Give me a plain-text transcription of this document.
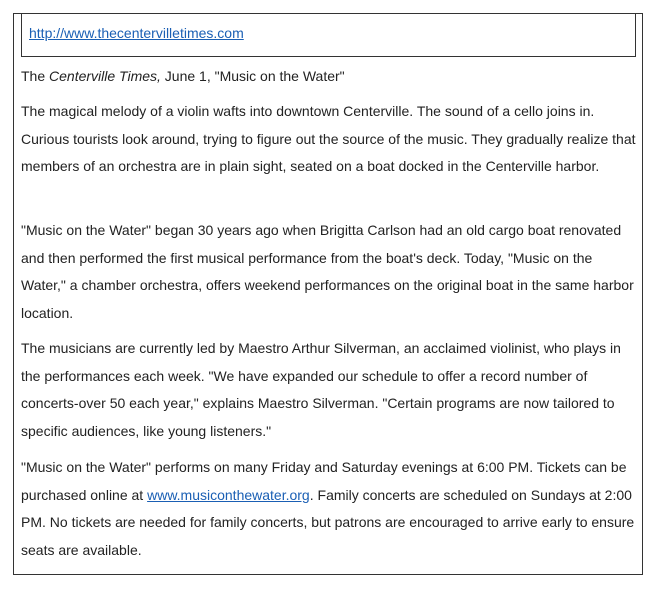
http://www.thecentervilletimes.com
The Centerville Times, June 1, "Music on the Water"

The magical melody of a violin wafts into downtown Centerville. The sound of a cello joins in. Curious tourists look around, trying to figure out the source of the music. They gradually realize that members of an orchestra are in plain sight, seated on a boat docked in the Centerville harbor.

"Music on the Water" began 30 years ago when Brigitta Carlson had an old cargo boat renovated and then performed the first musical performance from the boat's deck. Today, "Music on the Water," a chamber orchestra, offers weekend performances on the original boat in the same harbor location.

The musicians are currently led by Maestro Arthur Silverman, an acclaimed violinist, who plays in the performances each week. "We have expanded our schedule to offer a record number of concerts-over 50 each year," explains Maestro Silverman. "Certain programs are now tailored to specific audiences, like young listeners."

"Music on the Water" performs on many Friday and Saturday evenings at 6:00 PM. Tickets can be purchased online at www.musiconthewater.org. Family concerts are scheduled on Sundays at 2:00 PM. No tickets are needed for family concerts, but patrons are encouraged to arrive early to ensure seats are available.
